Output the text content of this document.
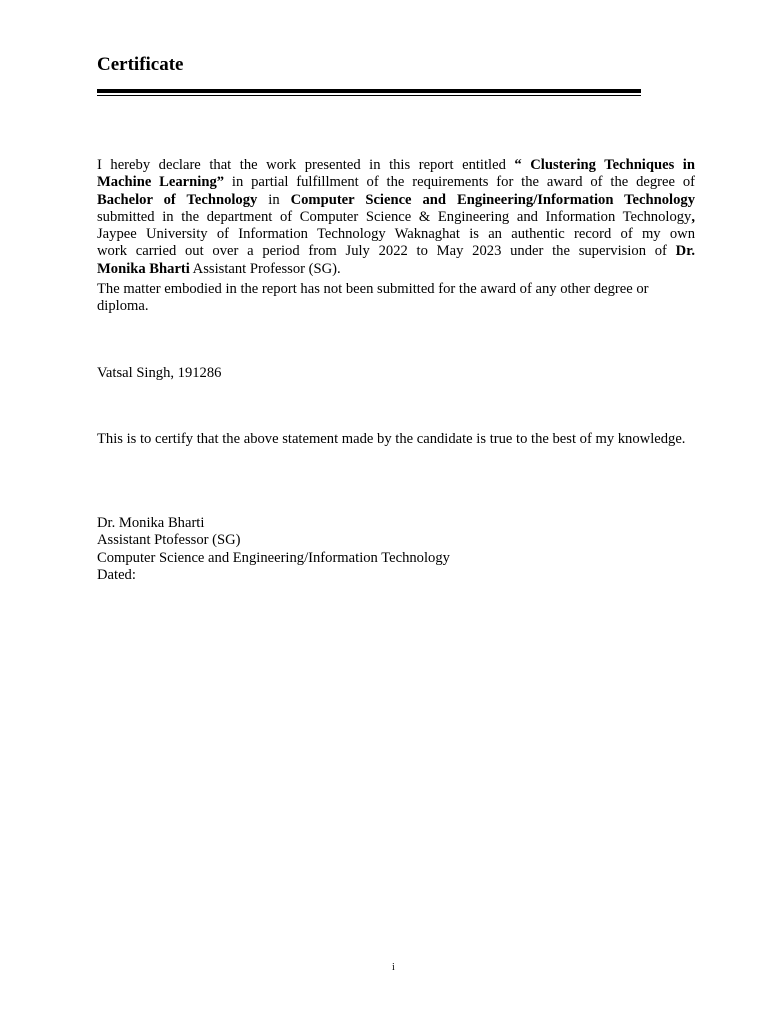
Certificate
I hereby declare that the work presented in this report entitled “ Clustering Techniques in
Machine Learning” in partial fulfillment of the requirements for the award of the degree of
Bachelor of Technology in Computer Science and Engineering/Information Technology
submitted in the department of Computer Science & Engineering and Information Technology,
Jaypee University of Information Technology Waknaghat is an authentic record of my own
work carried out over a period from July 2022 to May 2023 under the supervision of Dr.
Monika Bharti Assistant Professor (SG).

The matter embodied in the report has not been submitted for the award of any other degree or diploma.

Vatsal Singh, 191286

This is to certify that the above statement made by the candidate is true to the best of my knowledge.

Dr. Monika Bharti
Assistant Ptofessor (SG)
Computer Science and Engineering/Information Technology
Dated:
i
